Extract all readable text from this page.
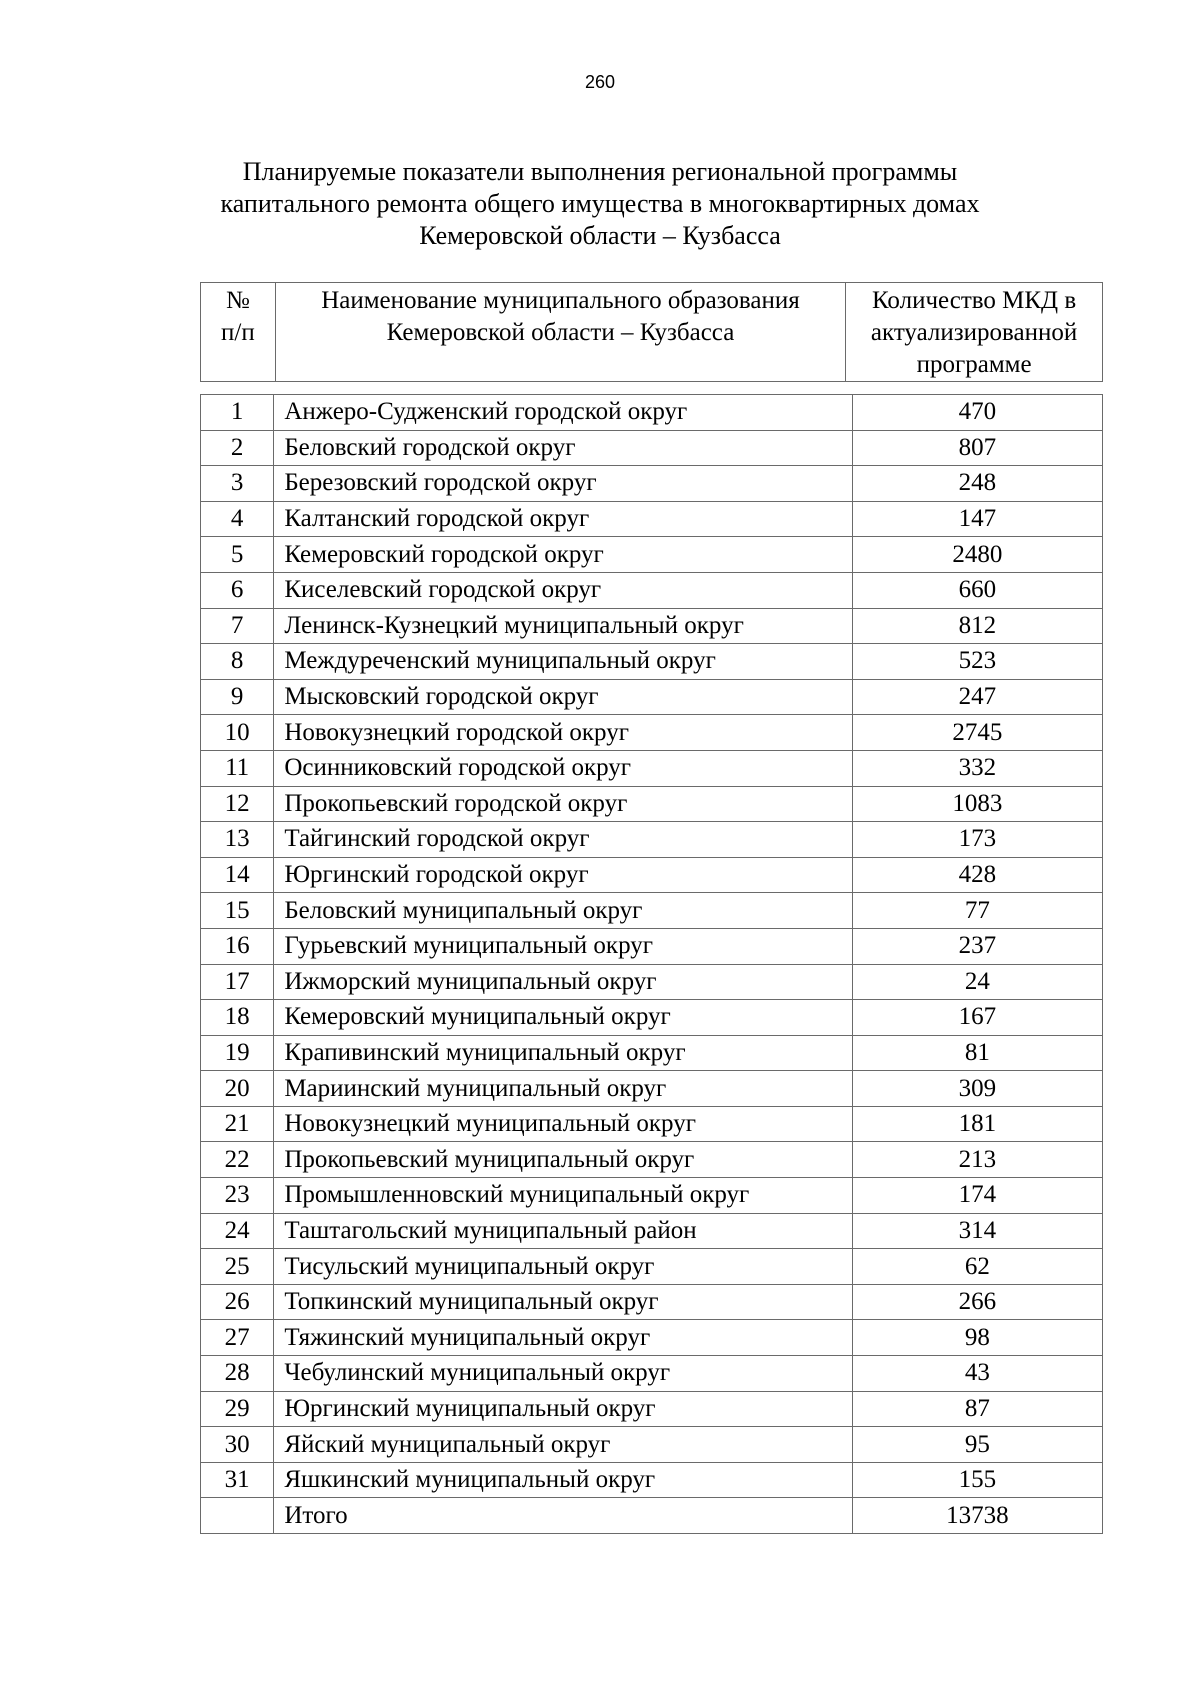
260
Планируемые показатели выполнения региональной программы
капитального ремонта общего имущества в многоквартирных домах
Кемеровской области – Кузбасса
№
п/п

Наименование муниципального образования
Кемеровской области – Кузбасса

Количество МКД в
актуализированной
программе
1	Анжеро-Судженский городской округ	470
2	Беловский городской округ	807
3	Березовский городской округ	248
4	Калтанский городской округ	147
5	Кемеровский городской округ	2480
6	Киселевский городской округ	660
7	Ленинск-Кузнецкий муниципальный округ	812
8	Междуреченский муниципальный округ	523
9	Мысковский городской округ	247
10	Новокузнецкий городской округ	2745
11	Осинниковский городской округ	332
12	Прокопьевский городской округ	1083
13	Тайгинский городской округ	173
14	Юргинский городской округ	428
15	Беловский муниципальный округ	77
16	Гурьевский муниципальный округ	237
17	Ижморский муниципальный округ	24
18	Кемеровский муниципальный округ	167
19	Крапивинский муниципальный округ	81
20	Мариинский муниципальный округ	309
21	Новокузнецкий муниципальный округ	181
22	Прокопьевский муниципальный округ	213
23	Промышленновский муниципальный округ	174
24	Таштагольский муниципальный район	314
25	Тисульский муниципальный округ	62
26	Топкинский муниципальный округ	266
27	Тяжинский муниципальный округ	98
28	Чебулинский муниципальный округ	43
29	Юргинский муниципальный округ	87
30	Яйский муниципальный округ	95
31	Яшкинский муниципальный округ	155
	Итого	13738
